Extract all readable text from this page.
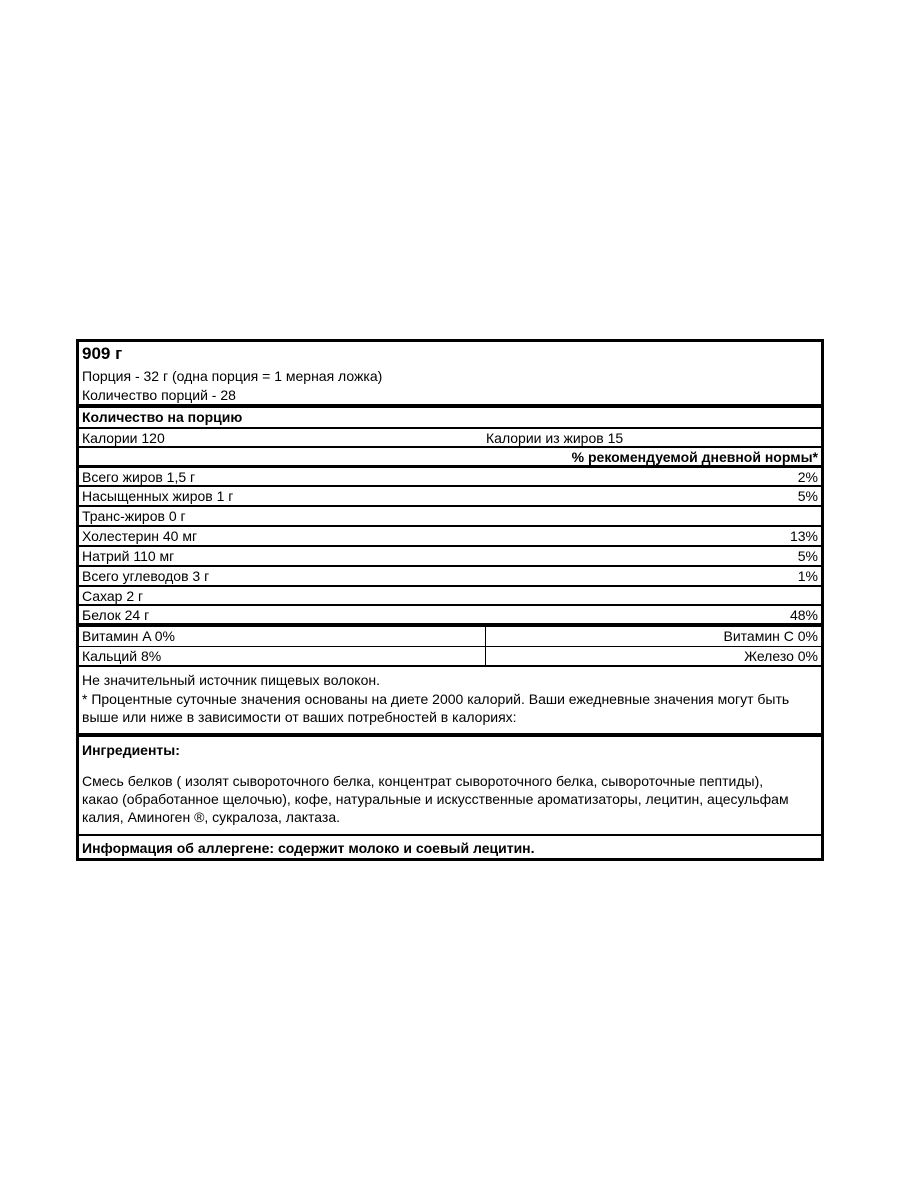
909 г
Порция - 32 г (одна порция = 1 мерная ложка)
Количество порций - 28
Количество на порцию
Калории 120	Калории из жиров 15
% рекомендуемой дневной нормы*
Всего жиров 1,5 г	2%
Насыщенных жиров 1 г	5%
Транс-жиров 0 г
Холестерин 40 мг	13%
Натрий 110 мг	5%
Всего углеводов 3 г	1%
Сахар 2 г
Белок 24 г	48%
Витамин A 0%	Витамин C 0%
Кальций 8%	Железо 0%
Не значительный источник пищевых волокон.
* Процентные суточные значения основаны на диете 2000 калорий. Ваши ежедневные значения могут быть
выше или ниже в зависимости от ваших потребностей в калориях:
Ингредиенты:
Смесь белков ( изолят сывороточного белка, концентрат сывороточного белка, сывороточные пептиды),
какао (обработанное щелочью), кофе, натуральные и искусственные ароматизаторы, лецитин, ацесульфам
калия, Аминоген ®, сукралоза, лактаза.
Информация об аллергене: содержит молоко и соевый лецитин.
